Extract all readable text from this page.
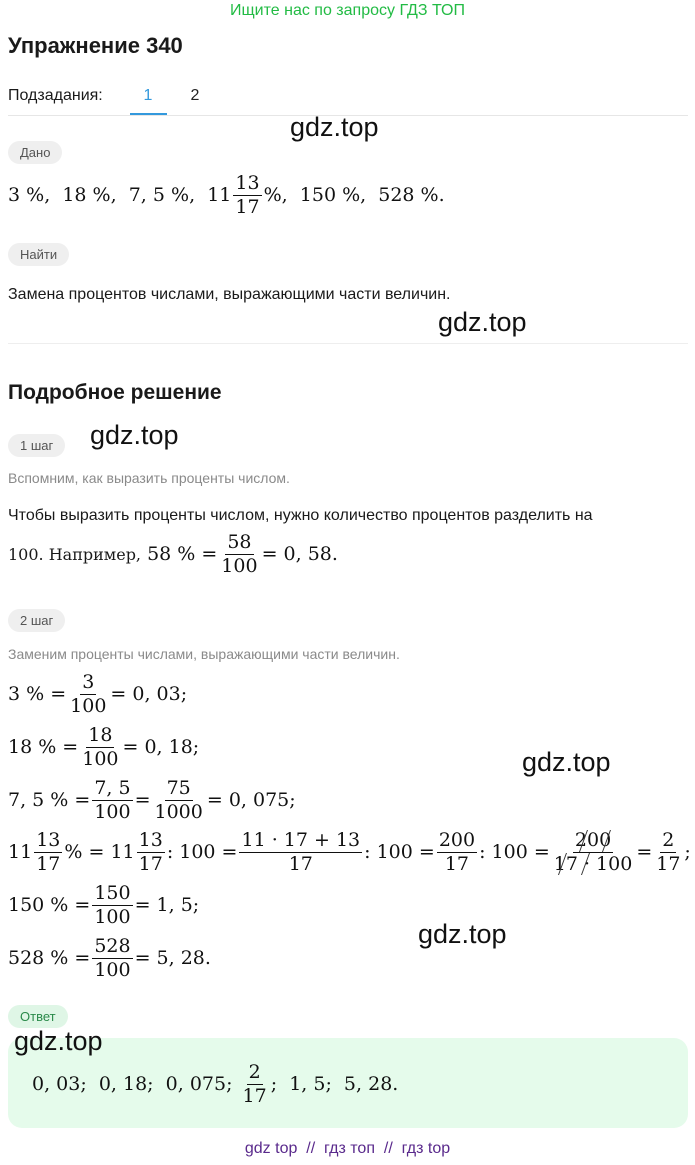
Ищите нас по запросу ГДЗ ТОП
Упражнение 340
Подзадания:	1	2
gdz.top
Дано
3 % , 18 % , 7, 5 % , $11 \frac{13}{17}$ %,
150 % , 528 %.
Найти
Замена процентов числами, выражающими части величин.
gdz.top
Подробное решение
1 шаг	gdz.top
Вспомним, как выразить проценты числом.
Чтобы выразить проценты числом, нужно количество процентов разделить на
100. Например,
58 % = $\frac{58}{100} = 0$, 58.
2 шаг
Заменим проценты числами, выражающими части величин.
3 % = $\frac{3}{100} = 0$, 03;
18 % = $\frac{18}{100} = 0$, 18;	gdz.top
7, 5 % = $\frac{7, 5}{100} = \frac{75}{1000} = 0$, 075;
$11 \frac{13}{17}$ % =
$11 \frac{13}{17}$ : $100 = \frac{11 \cdot 17 + 13}{17}$ : $100 = \frac{200}{17}$ : $100 = \frac{200}{17 \cdot 100} = \frac{2}{17}$ ;
150 % = $\frac{150}{100} = 1$, 5;
gdz.top
528 % = $\frac{528}{100} = 5$, 28.
Ответ
gdz.top
0, 03;  0, 18;  0, 075;
$\frac{2}{17}$ ;  1, 5;  5, 28.
gdz top  //  гдз топ  //  гдз top
